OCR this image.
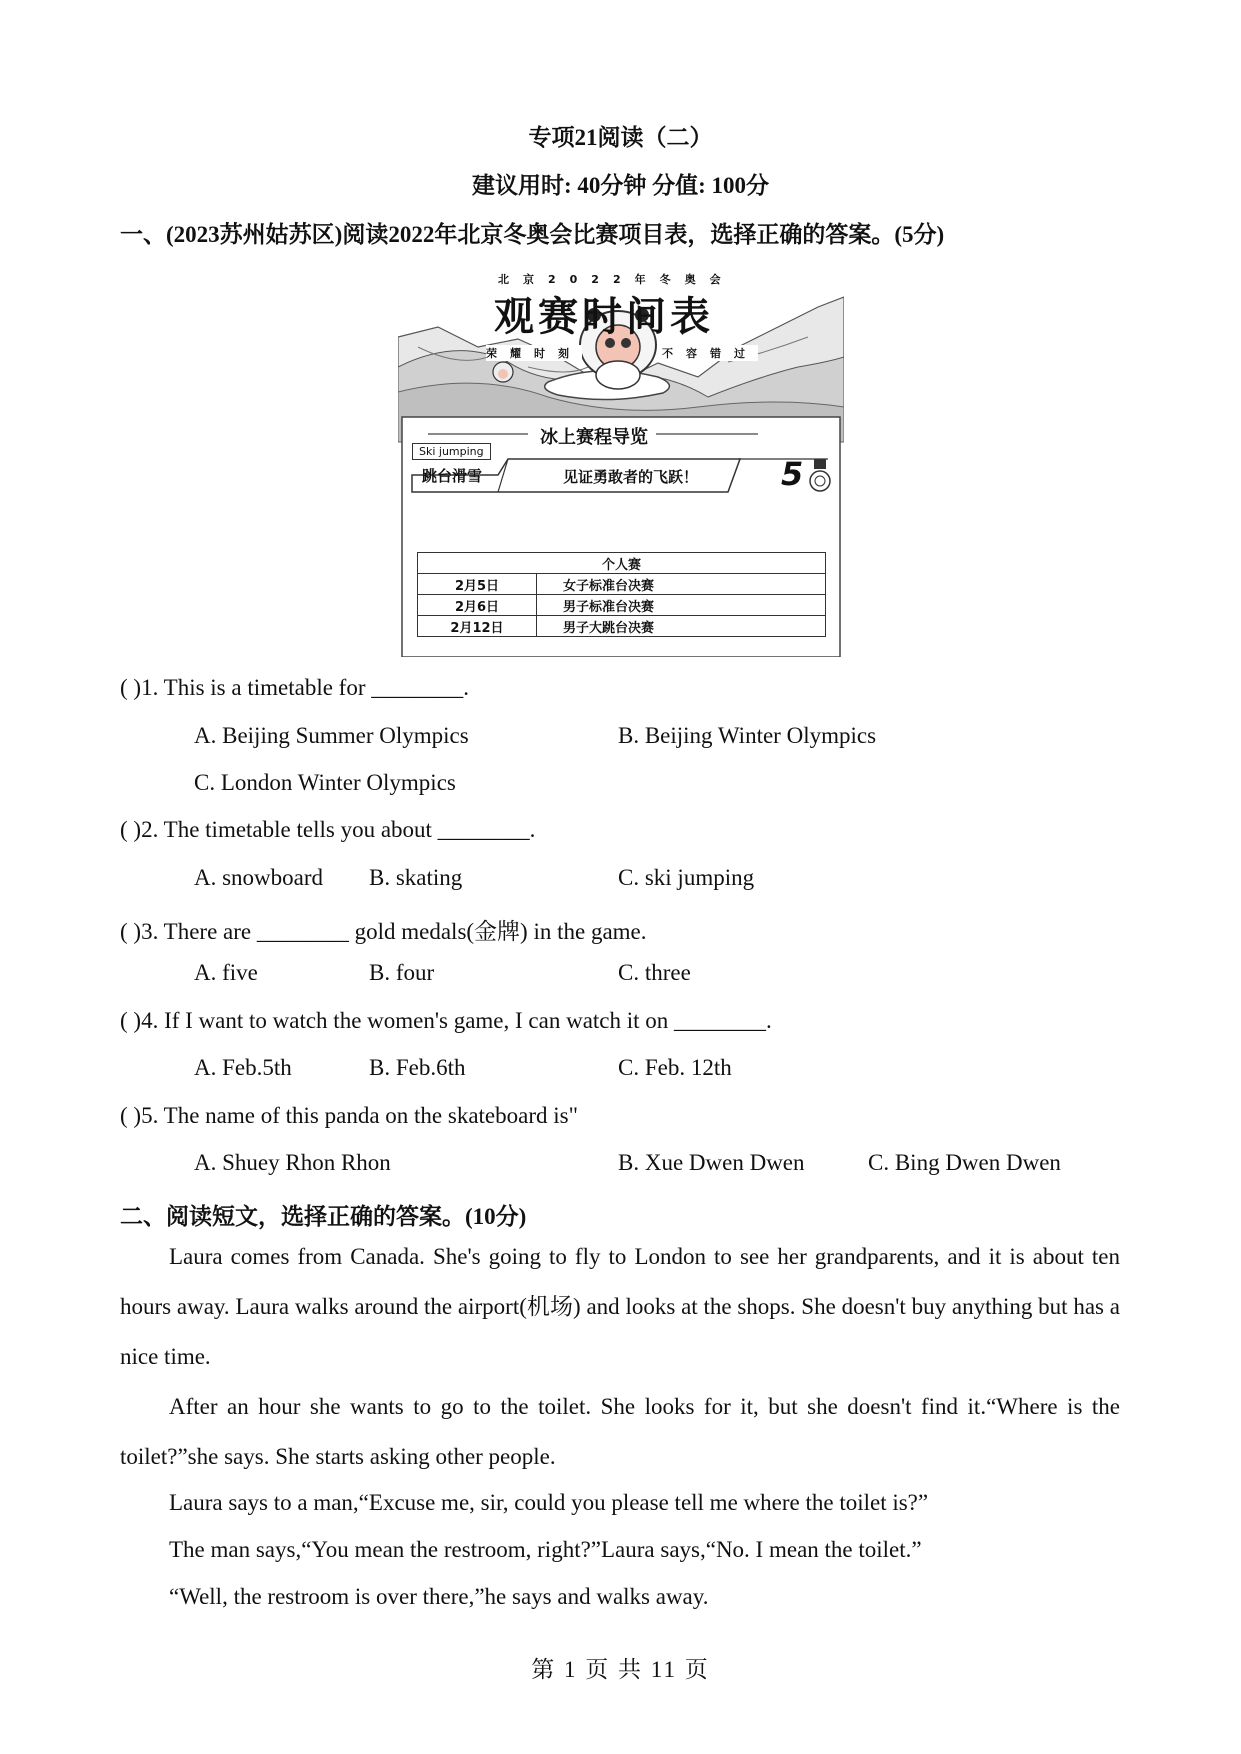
专项21阅读（二）
建议用时: 40分钟 分值: 100分
一、(2023苏州姑苏区)阅读2022年北京冬奥会比赛项目表，选择正确的答案。(5分)
北京2022年冬奥会
观赛时间表
荣耀时刻	不容错过
冰上赛程导览
Ski jumping
跳台滑雪	见证勇敢者的飞跃！	5
个人赛	
2月5日	女子标准台决赛
2月6日	男子标准台决赛
2月12日	男子大跳台决赛
( )1. This is a timetable for ________.
A. Beijing Summer Olympics	B. Beijing Winter Olympics
C. London Winter Olympics
( )2. The timetable tells you about ________.
A. snowboard B. skating	C. ski jumping
( )3. There are ________ gold medals(金牌) in the game.
A. five	B. four	C. three
( )4. If I want to watch the women's game, I can watch it on ________.
A. Feb.5th	B. Feb.6th	C. Feb. 12th
( )5. The name of this panda on the skateboard is"
A. Shuey Rhon Rhon	B. Xue Dwen Dwen	C. Bing Dwen Dwen
二、阅读短文，选择正确的答案。(10分)

Laura comes from Canada. She's going to fly to London to see her grandparents, and it is about ten hours away. Laura walks around the airport(机场) and looks at the shops. She doesn't buy anything but has a nice time.

After an hour she wants to go to the toilet. She looks for it, but she doesn't find it.“Where is the toilet?”she says. She starts asking other people.

Laura says to a man,“Excuse me, sir, could you please tell me where the toilet is?”
The man says,“You mean the restroom, right?”Laura says,“No. I mean the toilet.”
“Well, the restroom is over there,”he says and walks away.
第 1 页 共 11 页
